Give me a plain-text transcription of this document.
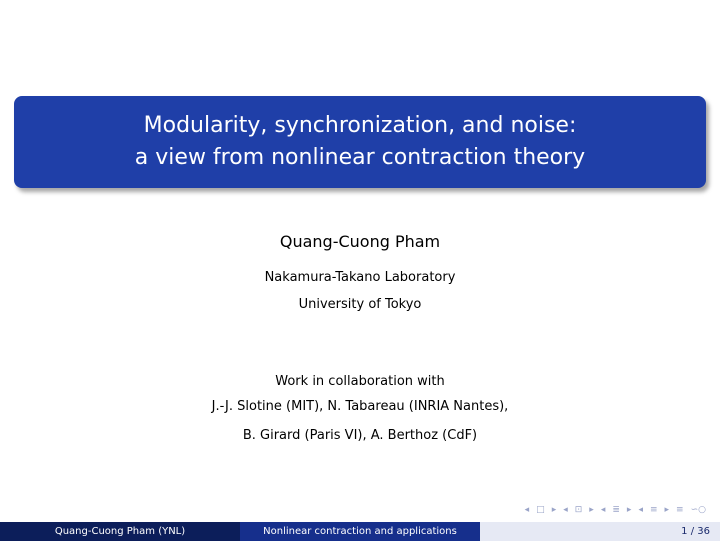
Modularity, synchronization, and noise:
a view from nonlinear contraction theory
Quang-Cuong Pham
Nakamura-Takano Laboratory
University of Tokyo
Work in collaboration with
J.-J. Slotine (MIT), N. Tabareau (INRIA Nantes),
B. Girard (Paris VI), A. Berthoz (CdF)
◂ □ ▸ ◂ ⊡ ▸ ◂ ≣ ▸ ◂ ≡ ▸ ≡ ∽○
Quang-Cuong Pham (YNL)	Nonlinear contraction and applications	1 / 36
